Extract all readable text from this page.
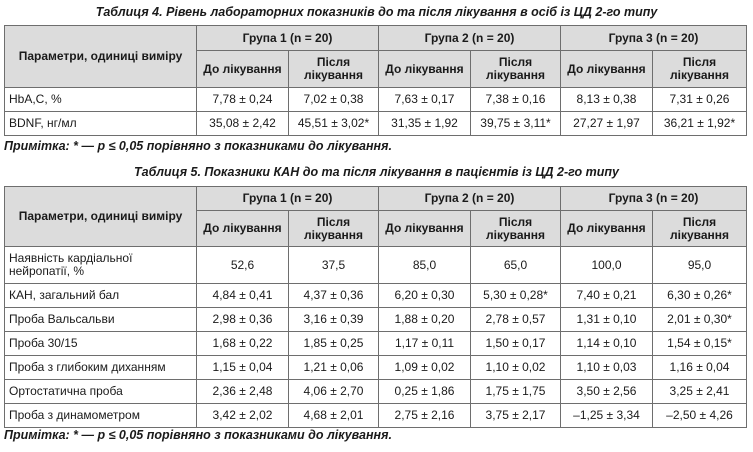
Таблиця 4. Рівень лабораторних показників до та після лікування в осіб із ЦД 2-го типу
Параметри, одиниці виміру	Група 1 (n = 20)		Група 2 (n = 20)		Група 3 (n = 20)	
	До лікування	Після лікування	До лікування	Після лікування	До лікування	Після лікування
HbA,C, %	7,78 ± 0,24	7,02 ± 0,38	7,63 ± 0,17	7,38 ± 0,16	8,13 ± 0,38	7,31 ± 0,26
BDNF, нг/мл	35,08 ± 2,42	45,51 ± 3,02*	31,35 ± 1,92	39,75 ± 3,11*	27,27 ± 1,97	36,21 ± 1,92*
Примітка: * — p ≤ 0,05 порівняно з показниками до лікування.
Таблиця 5. Показники КАН до та після лікування в пацієнтів із ЦД 2-го типу
Параметри, одиниці виміру	Група 1 (n = 20)		Група 2 (n = 20)		Група 3 (n = 20)	
	До лікування	Після лікування	До лікування	Після лікування	До лікування	Після лікування
Наявність кардіальної нейропатії, %	52,6	37,5	85,0	65,0	100,0	95,0
КАН, загальний бал	4,84 ± 0,41	4,37 ± 0,36	6,20 ± 0,30	5,30 ± 0,28*	7,40 ± 0,21	6,30 ± 0,26*
Проба Вальсальви	2,98 ± 0,36	3,16 ± 0,39	1,88 ± 0,20	2,78 ± 0,57	1,31 ± 0,10	2,01 ± 0,30*
Проба 30/15	1,68 ± 0,22	1,85 ± 0,25	1,17 ± 0,11	1,50 ± 0,17	1,14 ± 0,10	1,54 ± 0,15*
Проба з глибоким диханням	1,15 ± 0,04	1,21 ± 0,06	1,09 ± 0,02	1,10 ± 0,02	1,10 ± 0,03	1,16 ± 0,04
Ортостатична проба	2,36 ± 2,48	4,06 ± 2,70	0,25 ± 1,86	1,75 ± 1,75	3,50 ± 2,56	3,25 ± 2,41
Проба з динамометром	3,42 ± 2,02	4,68 ± 2,01	2,75 ± 2,16	3,75 ± 2,17	–1,25 ± 3,34	–2,50 ± 4,26
Примітка: * — p ≤ 0,05 порівняно з показниками до лікування.
